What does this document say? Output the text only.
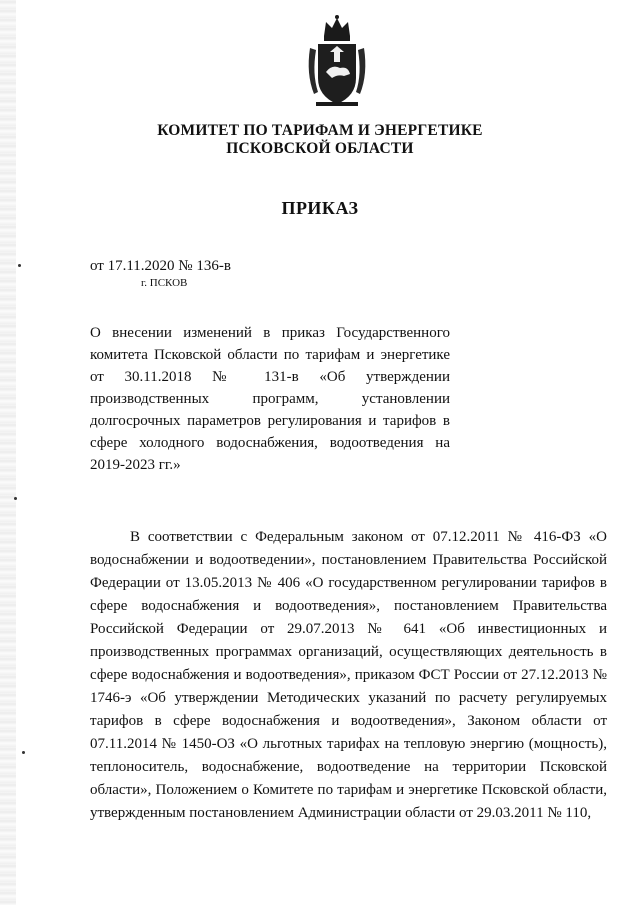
КОМИТЕТ ПО ТАРИФАМ И ЭНЕРГЕТИКЕ
ПСКОВСКОЙ ОБЛАСТИ
ПРИКАЗ
от 17.11.2020 № 136-в
г. ПСКОВ
О внесении изменений в приказ Государственного комитета Псковской области по тарифам и энергетике от 30.11.2018 № 131-в «Об утверждении производственных программ, установлении долгосрочных параметров регулирования и тарифов в сфере холодного водоснабжения, водоотведения на 2019-2023 гг.»
В соответствии с Федеральным законом от 07.12.2011 № 416-ФЗ «О водоснабжении и водоотведении», постановлением Правительства Российской Федерации от 13.05.2013 № 406 «О государственном регулировании тарифов в сфере водоснабжения и водоотведения», постановлением Правительства Российской Федерации от 29.07.2013 № 641 «Об инвестиционных и производственных программах организаций, осуществляющих деятельность в сфере водоснабжения и водоотведения», приказом ФСТ России от 27.12.2013 № 1746-э «Об утверждении Методических указаний по расчету регулируемых тарифов в сфере водоснабжения и водоотведения», Законом области от 07.11.2014 № 1450-ОЗ «О льготных тарифах на тепловую энергию (мощность), теплоноситель, водоснабжение, водоотведение на территории Псковской области», Положением о Комитете по тарифам и энергетике Псковской области, утвержденным постановлением Администрации области от 29.03.2011 № 110,
